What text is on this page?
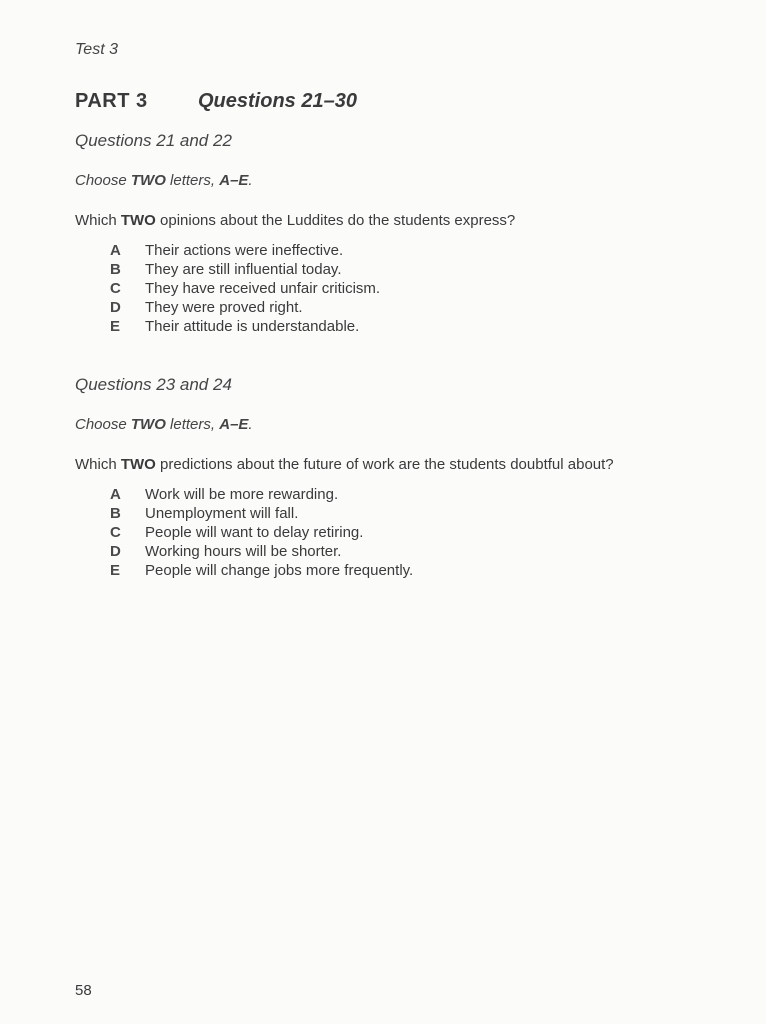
Test 3
PART 3	Questions 21–30
Questions 21 and 22
Choose TWO letters, A–E.
Which TWO opinions about the Luddites do the students express?
A	Their actions were ineffective.
B	They are still influential today.
C	They have received unfair criticism.
D	They were proved right.
E	Their attitude is understandable.
Questions 23 and 24
Choose TWO letters, A–E.
Which TWO predictions about the future of work are the students doubtful about?
A	Work will be more rewarding.
B	Unemployment will fall.
C	People will want to delay retiring.
D	Working hours will be shorter.
E	People will change jobs more frequently.
58
